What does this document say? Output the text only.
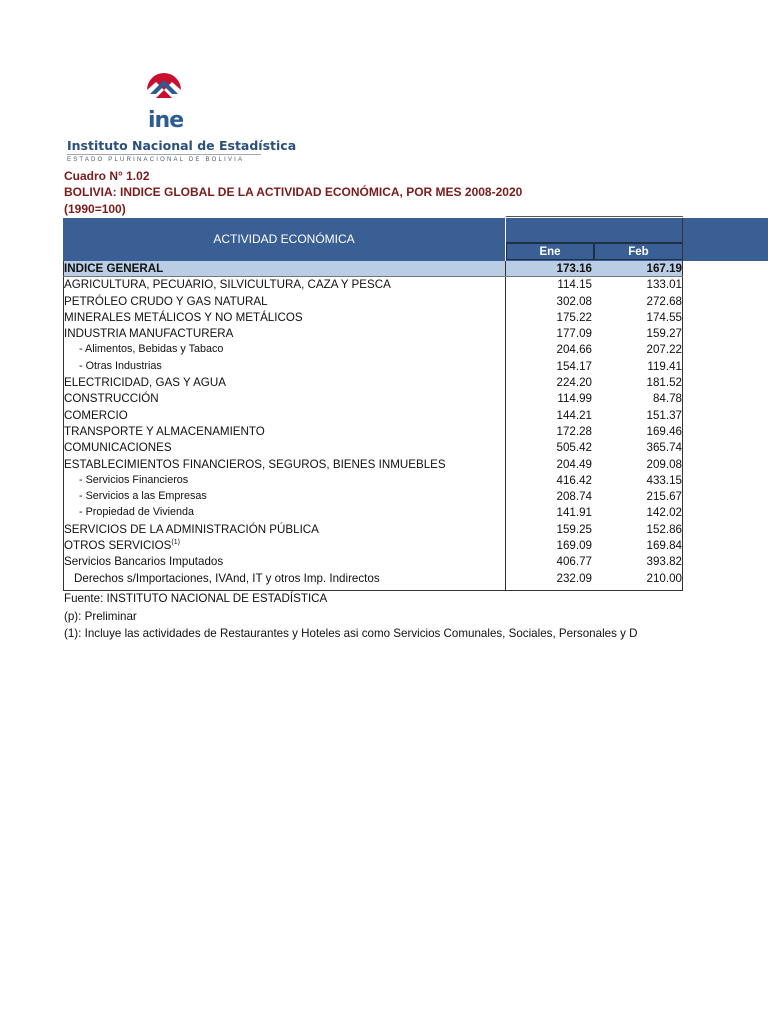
ine
Instituto Nacional de Estadística
ESTADO PLURINACIONAL DE BOLIVIA
Cuadro N° 1.02
BOLIVIA: INDICE GLOBAL DE LA ACTIVIDAD ECONÓMICA, POR MES 2008-2020
(1990=100)
ACTIVIDAD ECONÓMICA
Ene	Feb
INDICE GENERAL	173.16	167.19
AGRICULTURA, PECUARIO, SILVICULTURA, CAZA Y PESCA	114.15	133.01
PETRÓLEO CRUDO Y GAS NATURAL	302.08	272.68
MINERALES METÁLICOS Y NO METÁLICOS	175.22	174.55
INDUSTRIA MANUFACTURERA	177.09	159.27
- Alimentos, Bebidas y Tabaco	204.66	207.22
- Otras Industrias	154.17	119.41
ELECTRICIDAD, GAS Y AGUA	224.20	181.52
CONSTRUCCIÓN	114.99	84.78
COMERCIO	144.21	151.37
TRANSPORTE Y ALMACENAMIENTO	172.28	169.46
COMUNICACIONES	505.42	365.74
ESTABLECIMIENTOS FINANCIEROS, SEGUROS, BIENES INMUEBLES	204.49	209.08
- Servicios Financieros	416.42	433.15
- Servicios a las Empresas	208.74	215.67
- Propiedad de Vivienda	141.91	142.02
SERVICIOS DE LA ADMINISTRACIÓN PÚBLICA	159.25	152.86
OTROS SERVICIOS$^{(1)}$	169.09	169.84
Servicios Bancarios Imputados	406.77	393.82
Derechos s/Importaciones, IVAnd, IT y otros Imp. Indirectos	232.09	210.00
Fuente: INSTITUTO NACIONAL DE ESTADÍSTICA
(p): Preliminar
(1): Incluye las actividades de Restaurantes y Hoteles asi como Servicios Comunales, Sociales, Personales y D
